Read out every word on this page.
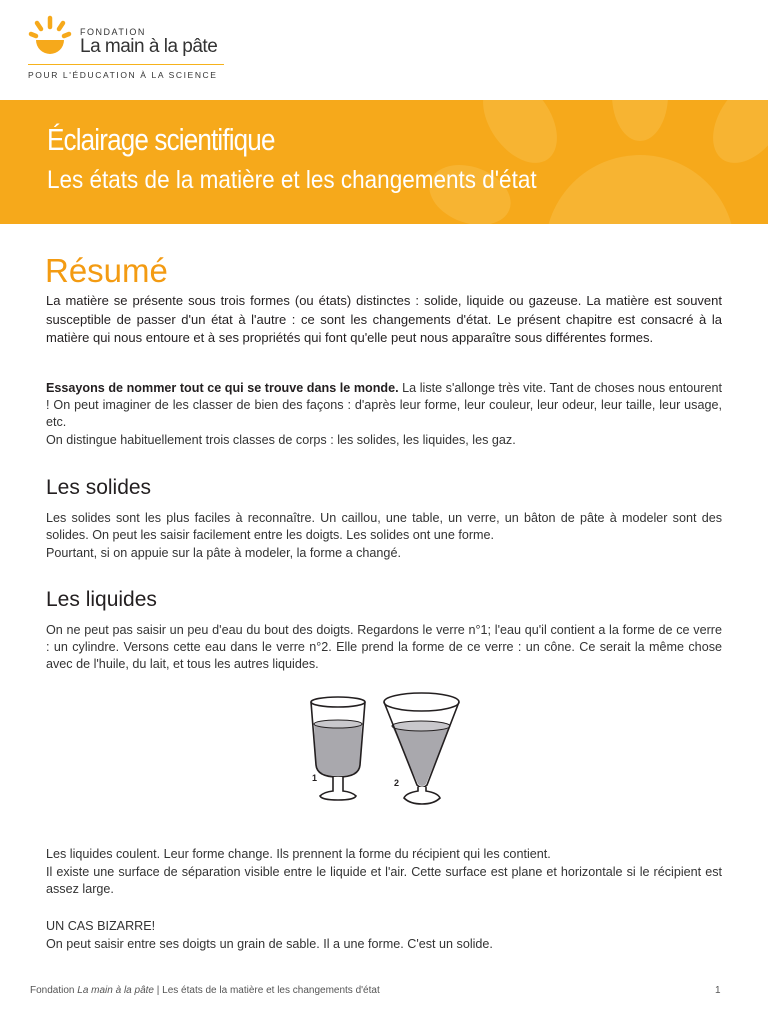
FONDATION
La main à la pâte
POUR L'ÉDUCATION À LA SCIENCE
Éclairage scientifique
Les états de la matière et les changements d'état
Résumé

La matière se présente sous trois formes (ou états) distinctes : solide, liquide ou gazeuse. La matière est souvent susceptible de passer d'un état à l'autre : ce sont les changements d'état. Le présent chapitre est consacré à la matière qui nous entoure et à ses propriétés qui font qu'elle peut nous apparaître sous différentes formes.

Essayons de nommer tout ce qui se trouve dans le monde. La liste s'allonge très vite. Tant de choses nous entourent ! On peut imaginer de les classer de bien des façons : d'après leur forme, leur couleur, leur odeur, leur taille, leur usage, etc.

On distingue habituellement trois classes de corps : les solides, les liquides, les gaz.

Les solides

Les solides sont les plus faciles à reconnaître. Un caillou, une table, un verre, un bâton de pâte à modeler sont des solides. On peut les saisir facilement entre les doigts. Les solides ont une forme.

Pourtant, si on appuie sur la pâte à modeler, la forme a changé.

Les liquides

On ne peut pas saisir un peu d'eau du bout des doigts. Regardons le verre n°1; l'eau qu'il contient a la forme de ce verre : un cylindre. Versons cette eau dans le verre n°2. Elle prend la forme de ce verre : un cône. Ce serait la même chose avec de l'huile, du lait, et tous les autres liquides.

1	2

Les liquides coulent. Leur forme change. Ils prennent la forme du récipient qui les contient.

Il existe une surface de séparation visible entre le liquide et l'air. Cette surface est plane et horizontale si le récipient est assez large.

UN CAS BIZARRE!

On peut saisir entre ses doigts un grain de sable. Il a une forme. C'est un solide.

Fondation La main à la pâte | Les états de la matière et les changements d'état	1
